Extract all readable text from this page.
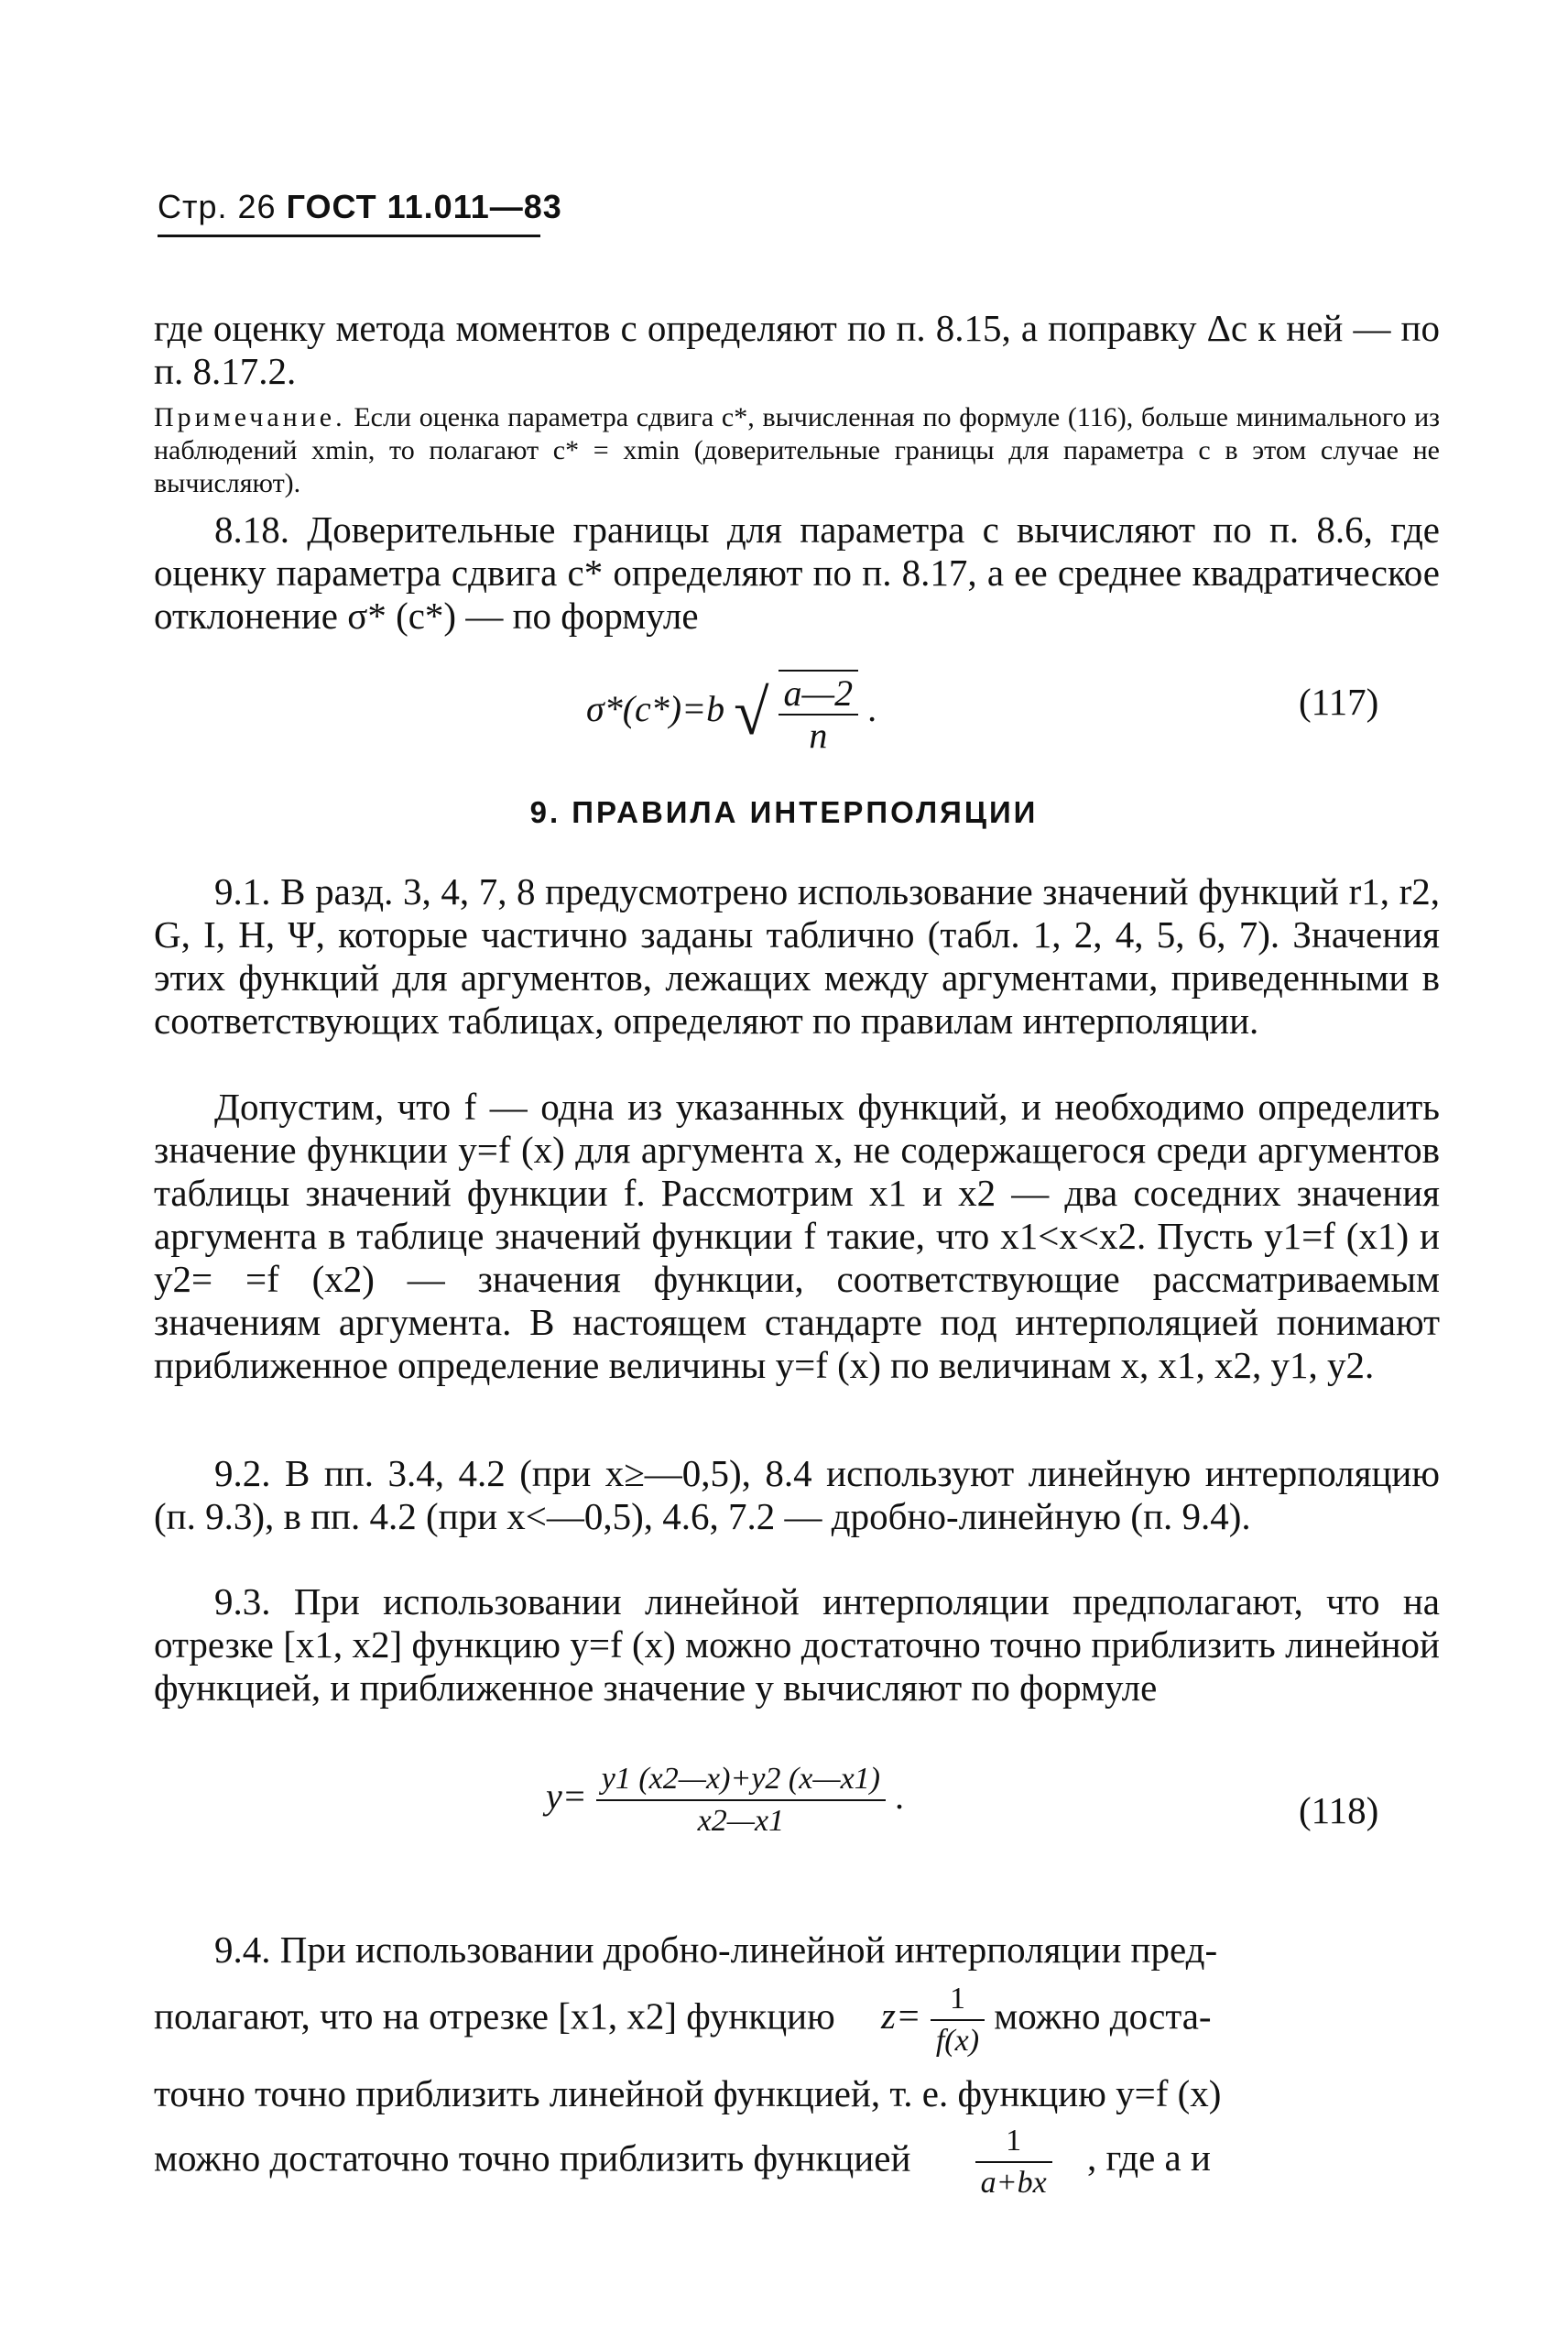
Стр. 26 ГОСТ 11.011—83

где оценку метода моментов c определяют по п. 8.15, а поправку Δc к ней — по п. 8.17.2.

Примечание. Если оценка параметра сдвига c*, вычисленная по формуле (116), больше минимального из наблюдений xmin, то полагают c* = xmin (доверительные границы для параметра c в этом случае не вычисляют).

8.18. Доверительные границы для параметра c вычисляют по п. 8.6, где оценку параметра сдвига c* определяют по п. 8.17, а ее среднее квадратическое отклонение σ* (c*) — по формуле

σ*(c*)=b √ $\frac{a—2}{n}$ .	(117)
9. ПРАВИЛА ИНТЕРПОЛЯЦИИ

9.1. В разд. 3, 4, 7, 8 предусмотрено использование значений функций r1, r2, G, I, H, Ψ, которые частично заданы таблично (табл. 1, 2, 4, 5, 6, 7). Значения этих функций для аргументов, лежащих между аргументами, приведенными в соответствующих таблицах, определяют по правилам интерполяции.

Допустим, что f — одна из указанных функций, и необходимо определить значение функции y=f (x) для аргумента x, не содержащегося среди аргументов таблицы значений функции f. Рассмотрим x1 и x2 — два соседних значения аргумента в таблице значений функции f такие, что x1<x<x2. Пусть y1=f (x1) и y2= =f (x2) — значения функции, соответствующие рассматриваемым значениям аргумента. В настоящем стандарте под интерполяцией понимают приближенное определение величины y=f (x) по величинам x, x1, x2, y1, y2.

9.2. В пп. 3.4, 4.2 (при x≥—0,5), 8.4 используют линейную интерполяцию (п. 9.3), в пп. 4.2 (при x<—0,5), 4.6, 7.2 — дробно-линейную (п. 9.4).

9.3. При использовании линейной интерполяции предполагают, что на отрезке [x1, x2] функцию y=f (x) можно достаточно точно приблизить линейной функцией, и приближенное значение y вычисляют по формуле

$y= \frac{y1 (x2—x)+y2 (x—x1)}{x2—x1}$ .	(118)
9.4. При использовании дробно-линейной интерполяции пред-
полагают, что на отрезке [x1, x2] функцию $z= \frac{1}{f(x)}$ можно доста-
точно точно приблизить линейной функцией, т. е. функцию y=f (x)
можно достаточно точно приблизить функцией $\frac{1}{a+bx}$ , где a и
